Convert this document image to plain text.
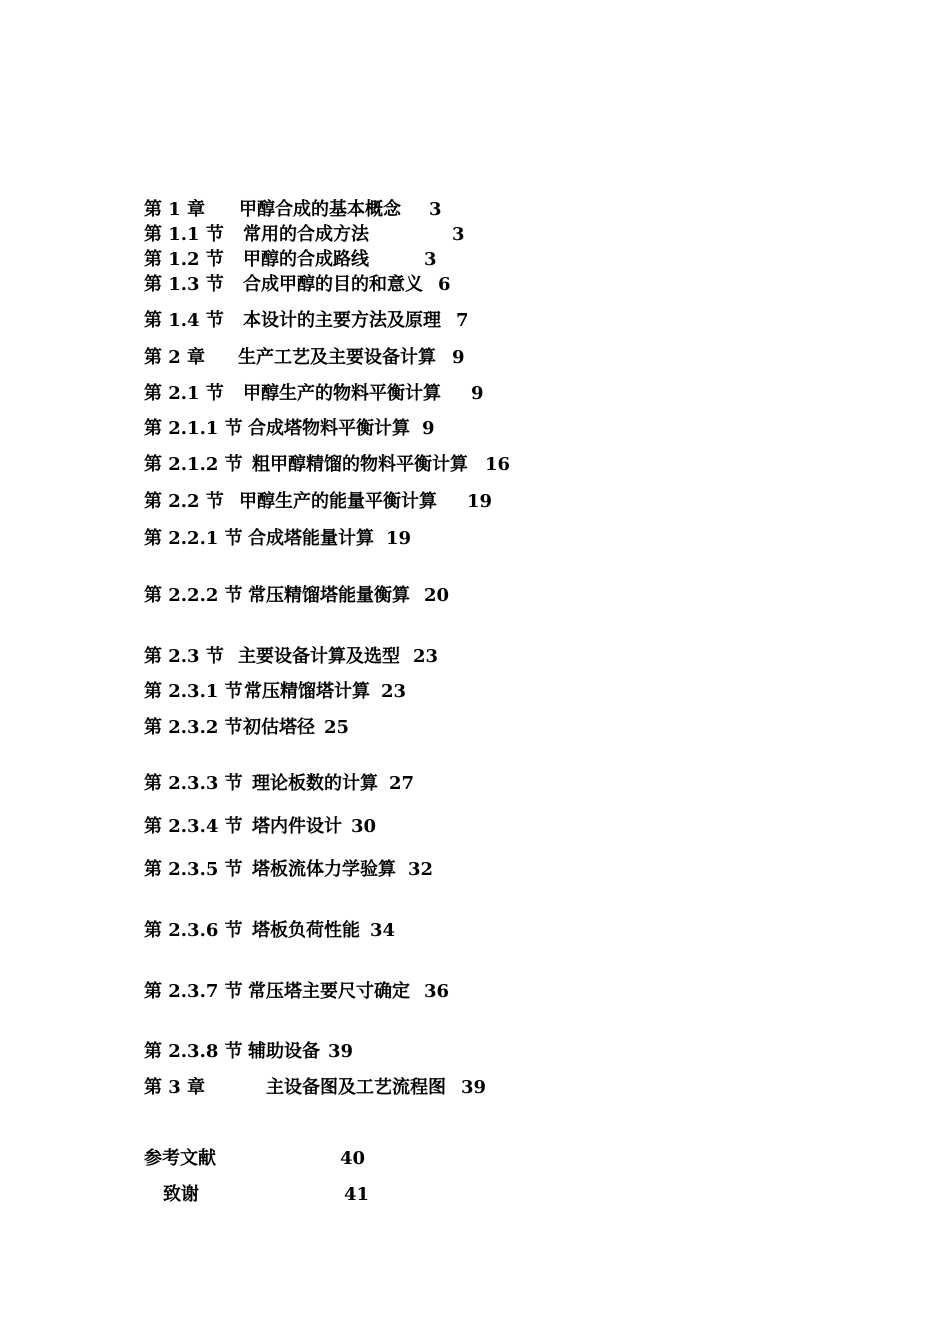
第 1 章 甲醇合成的基本概念 3
第 1.1 节 常用的合成方法	3
第 1.2 节 甲醇的合成路线	3
第 1.3 节 合成甲醇的目的和意义 6
第 1.4 节 本设计的主要方法及原理 7
第 2 章 生产工艺及主要设备计算 9
第 2.1 节 甲醇生产的物料平衡计算 9
第 2.1.1 节 合成塔物料平衡计算 9
第 2.1.2 节 粗甲醇精馏的物料平衡计算 16
第 2.2 节 甲醇生产的能量平衡计算 19
第 2.2.1 节 合成塔能量计算 19
第 2.2.2 节 常压精馏塔能量衡算 20
第 2.3 节 主要设备计算及选型 23
第 2.3.1 节 常压精馏塔计算 23
第 2.3.2 节 初估塔径 25
第 2.3.3 节 理论板数的计算 27
第 2.3.4 节 塔内件设计 30
第 2.3.5 节 塔板流体力学验算 32
第 2.3.6 节 塔板负荷性能 34
第 2.3.7 节 常压塔主要尺寸确定 36
第 2.3.8 节 辅助设备 39
第 3 章	主设备图及工艺流程图 39
参考文献	40
致谢	41
